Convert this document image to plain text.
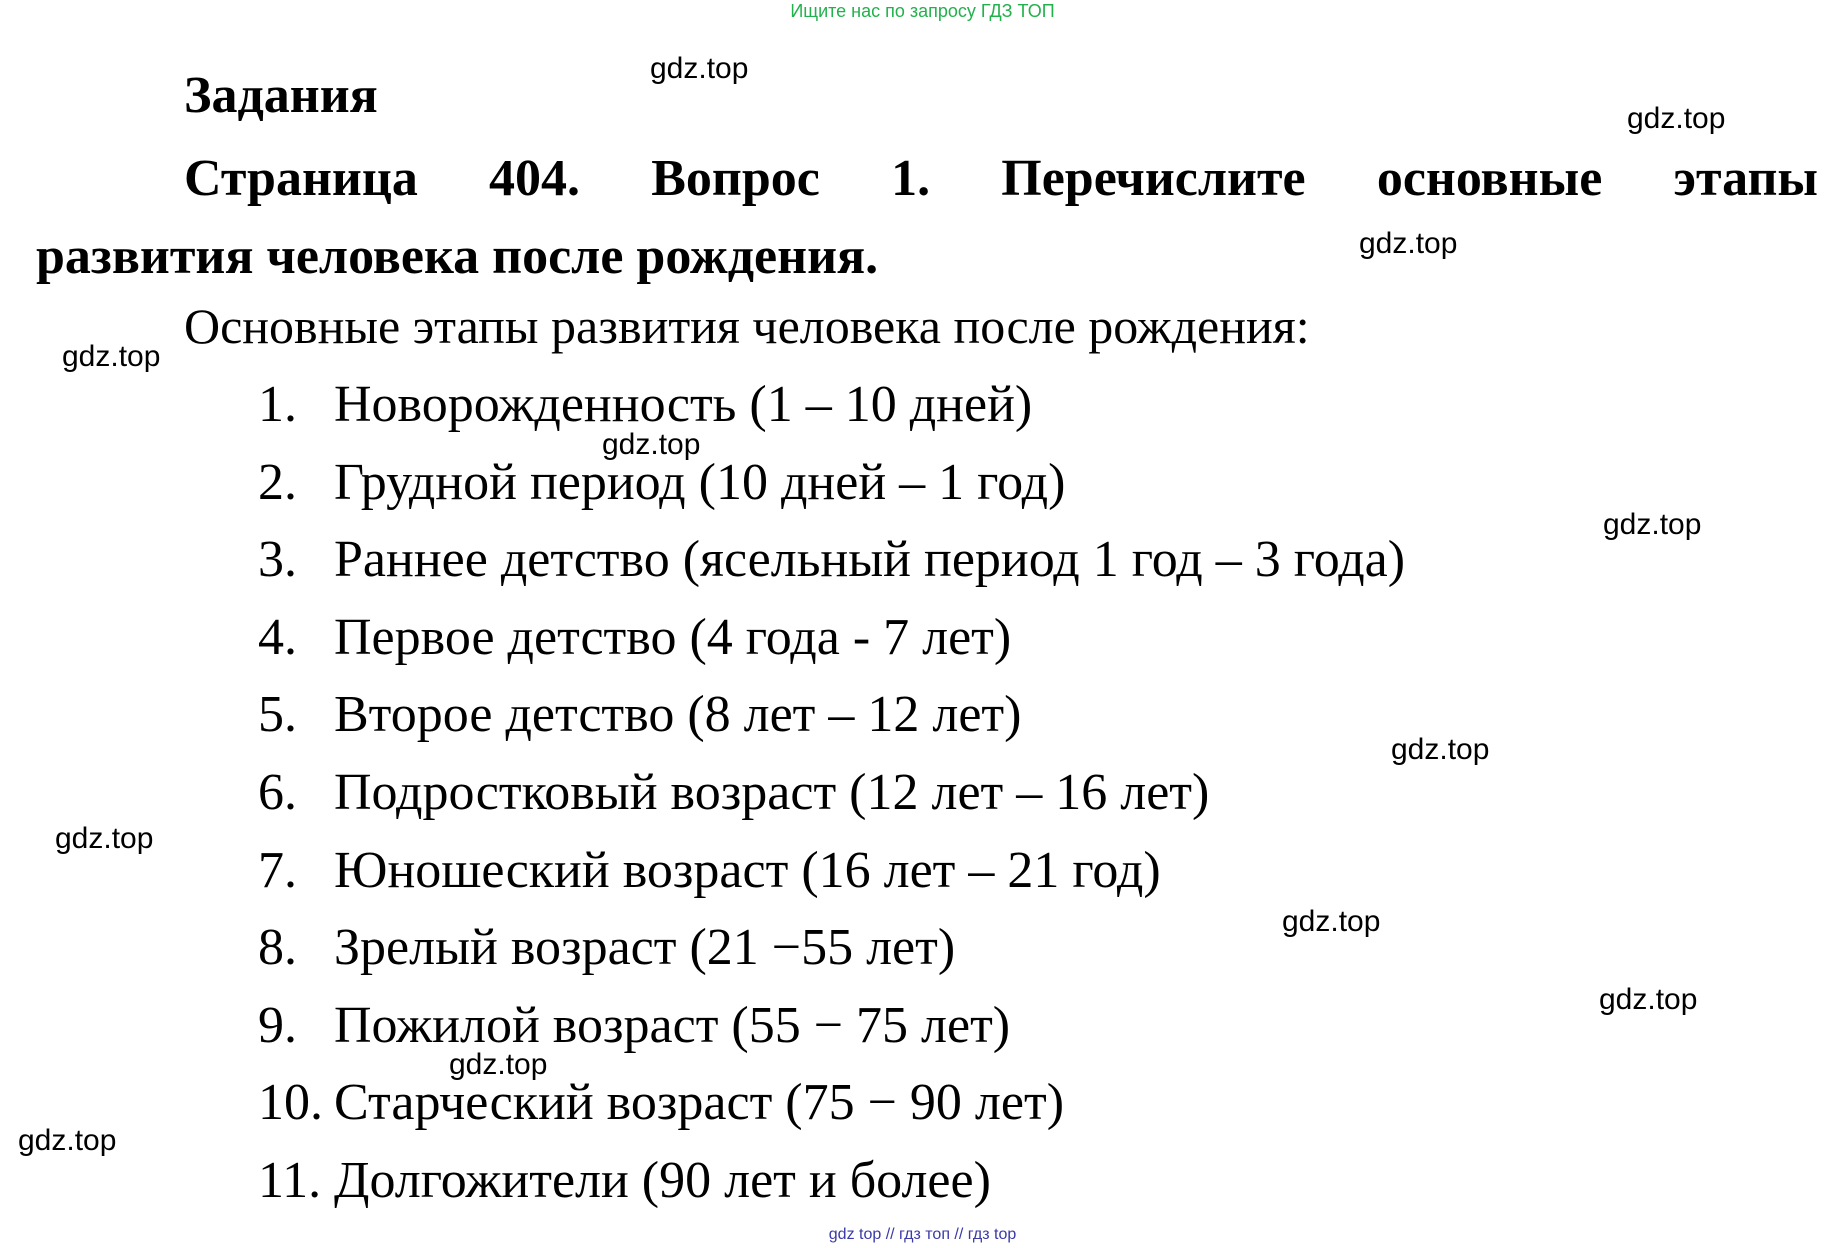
Ищите нас по запросу ГДЗ ТОП
Задания
Страница 404. Вопрос 1. Перечислите основные этапы
развития человека после рождения.

Основные этапы развития человека после рождения:

1. Новорожденность (1 – 10 дней)
2. Грудной период (10 дней – 1 год)
3. Раннее детство (ясельный период 1 год – 3 года)
4. Первое детство (4 года - 7 лет)
5. Второе детство (8 лет – 12 лет)
6. Подростковый возраст (12 лет – 16 лет)
7. Юношеский возраст (16 лет – 21 год)
8. Зрелый возраст (21 −55 лет)
9. Пожилой возраст (55 − 75 лет)
10. Старческий возраст (75 − 90 лет)
11. Долгожители (90 лет и более)
gdz.top
gdz.top
gdz.top
gdz.top
gdz.top
gdz.top
gdz.top
gdz.top
gdz.top
gdz.top
gdz.top
gdz.top
gdz top // гдз топ // гдз top
